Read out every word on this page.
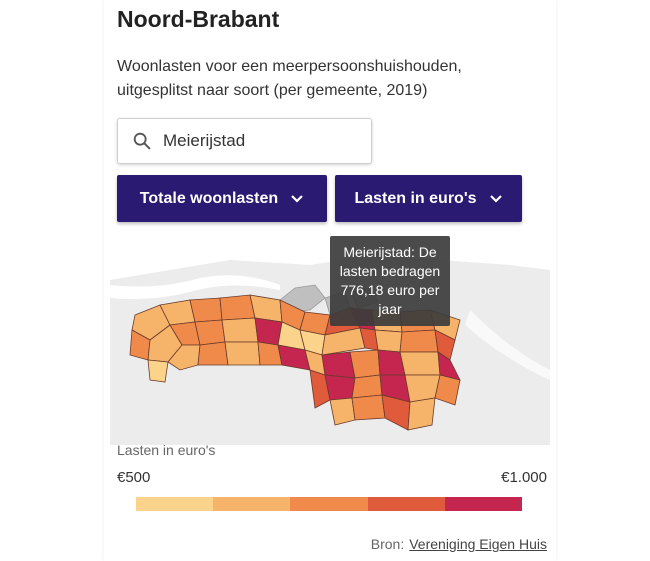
Noord-Brabant
Woonlasten voor een meerpersoonshuishouden, uitgesplitst naar soort (per gemeente, 2019)
Meierijstad
Totale woonlasten	Lasten in euro's
Meierijstad: De lasten bedragen 776,18 euro per jaar
Lasten in euro's
€500	€1.000
Bron: Vereniging Eigen Huis
